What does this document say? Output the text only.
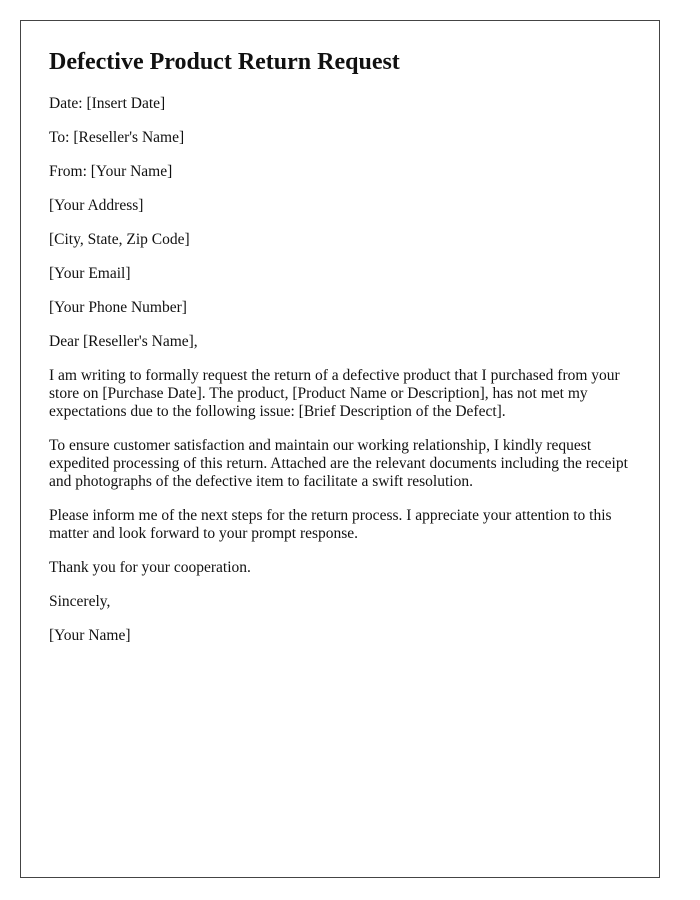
Defective Product Return Request

Date: [Insert Date]

To: [Reseller's Name]

From: [Your Name]

[Your Address]

[City, State, Zip Code]

[Your Email]

[Your Phone Number]

Dear [Reseller's Name],

I am writing to formally request the return of a defective product that I purchased from your store on [Purchase Date]. The product, [Product Name or Description], has not met my expectations due to the following issue: [Brief Description of the Defect].

To ensure customer satisfaction and maintain our working relationship, I kindly request expedited processing of this return. Attached are the relevant documents including the receipt and photographs of the defective item to facilitate a swift resolution.

Please inform me of the next steps for the return process. I appreciate your attention to this matter and look forward to your prompt response.

Thank you for your cooperation.

Sincerely,

[Your Name]
